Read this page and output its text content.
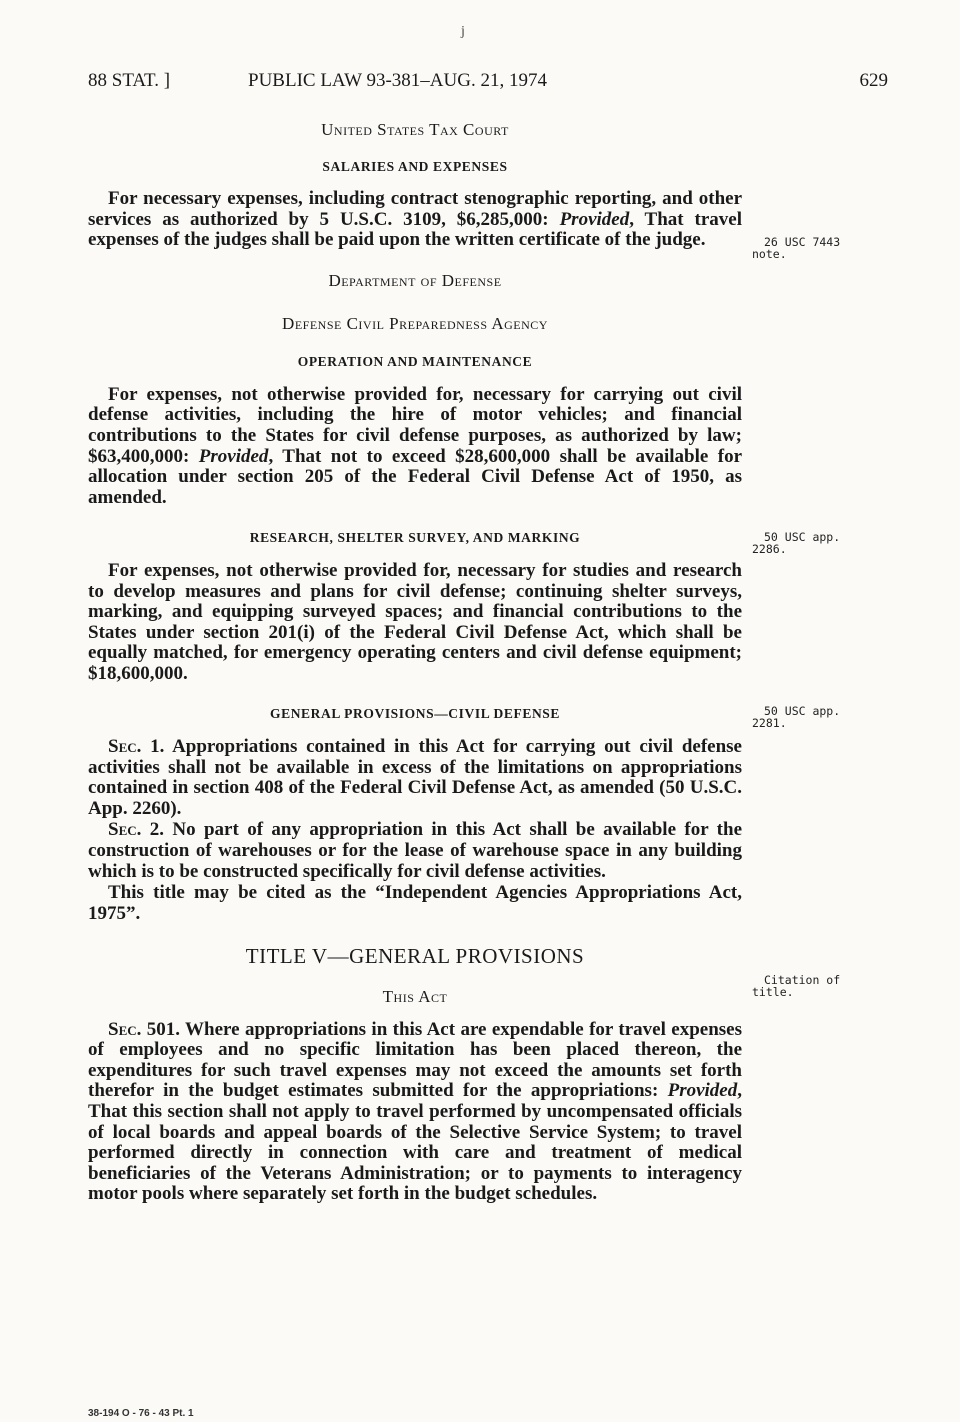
j
88 STAT. ]	PUBLIC LAW 93-381–AUG. 21, 1974	629

United States Tax Court

SALARIES AND EXPENSES

For necessary expenses, including contract stenographic reporting, and other services as authorized by 5 U.S.C. 3109, $6,285,000: Provided, That travel expenses of the judges shall be paid upon the written certificate of the judge.

Department of Defense

Defense Civil Preparedness Agency

OPERATION AND MAINTENANCE

For expenses, not otherwise provided for, necessary for carrying out civil defense activities, including the hire of motor vehicles; and financial contributions to the States for civil defense purposes, as authorized by law; $63,400,000: Provided, That not to exceed $28,600,000 shall be available for allocation under section 205 of the Federal Civil Defense Act of 1950, as amended.

RESEARCH, SHELTER SURVEY, AND MARKING

For expenses, not otherwise provided for, necessary for studies and research to develop measures and plans for civil defense; continuing shelter surveys, marking, and equipping surveyed spaces; and financial contributions to the States under section 201(i) of the Federal Civil Defense Act, which shall be equally matched, for emergency operating centers and civil defense equipment; $18,600,000.

GENERAL PROVISIONS—CIVIL DEFENSE

Sec. 1. Appropriations contained in this Act for carrying out civil defense activities shall not be available in excess of the limitations on appropriations contained in section 408 of the Federal Civil Defense Act, as amended (50 U.S.C. App. 2260).

Sec. 2. No part of any appropriation in this Act shall be available for the construction of warehouses or for the lease of warehouse space in any building which is to be constructed specifically for civil defense activities.

This title may be cited as the “Independent Agencies Appropriations Act, 1975”.

TITLE V—GENERAL PROVISIONS

This Act

Sec. 501. Where appropriations in this Act are expendable for travel expenses of employees and no specific limitation has been placed thereon, the expenditures for such travel expenses may not exceed the amounts set forth therefor in the budget estimates submitted for the appropriations: Provided, That this section shall not apply to travel performed by uncompensated officials of local boards and appeal boards of the Selective Service System; to travel performed directly in connection with care and treatment of medical beneficiaries of the Veterans Administration; or to payments to interagency motor pools where separately set forth in the budget schedules.

26 USC 7443
note.
50 USC app.
2286.
50 USC app.
2281.
Citation of
title.
38-194 O - 76 - 43 Pt. 1
